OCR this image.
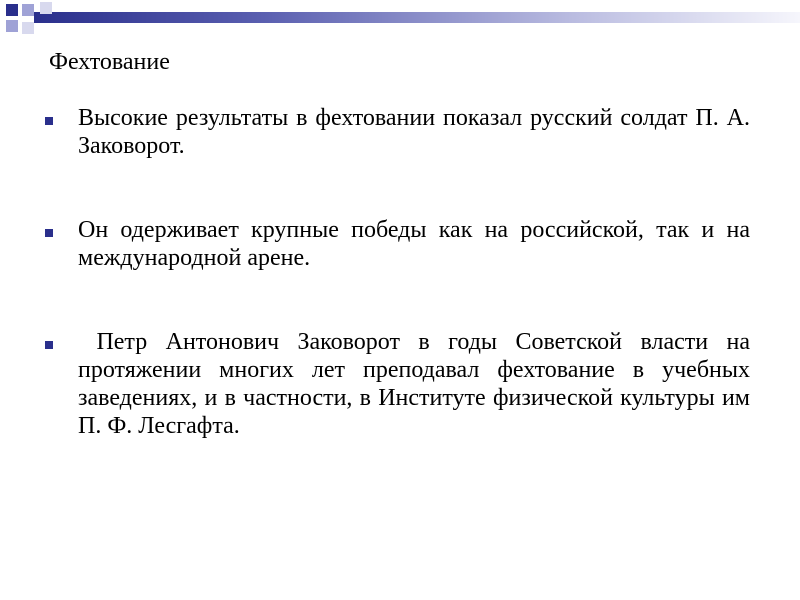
Фехтование
Высокие результаты в фехтовании показал русский солдат П. А. Заковорот.
Он одерживает крупные победы как на российской, так и на международной арене.
Петр Антонович Заковорот в годы Советской власти на протяжении многих лет преподавал фехтование в учебных заведениях, и в частности, в Институте физической культуры им П. Ф. Лесгафта.
